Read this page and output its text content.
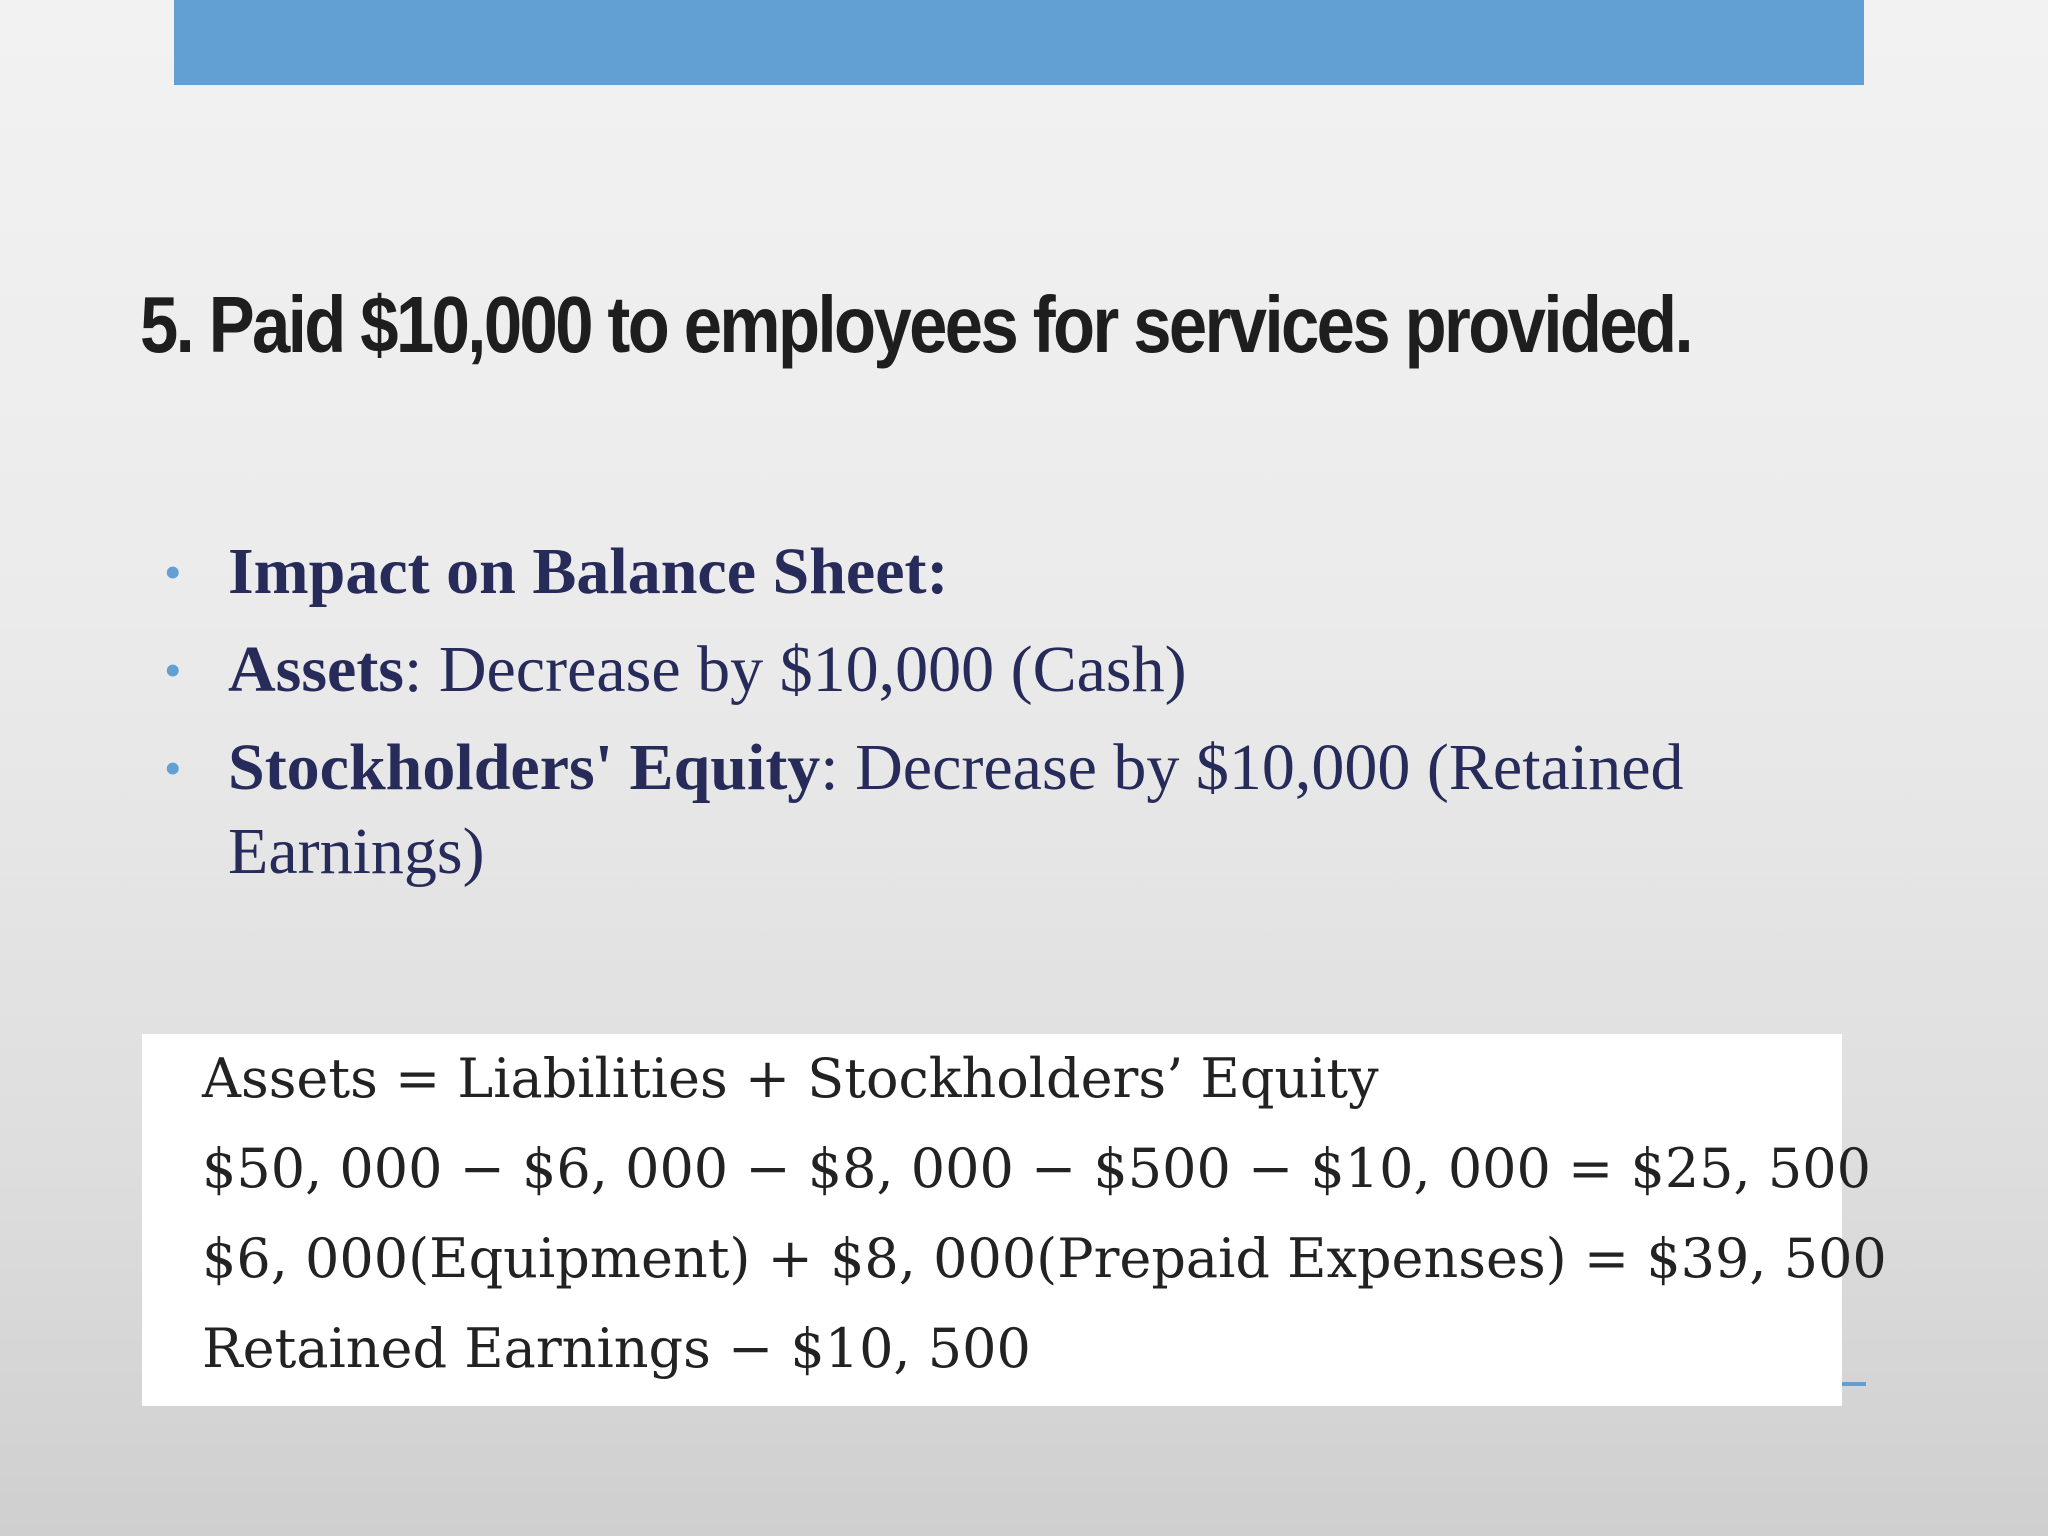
5. Paid $10,000 to employees for services provided.
• Impact on Balance Sheet:
• Assets: Decrease by $10,000 (Cash)
• Stockholders' Equity: Decrease by $10,000 (Retained Earnings)
Assets = Liabilities + Stockholders’ Equity
$50, 000 − $6, 000 − $8, 000 − $500 − $10, 000 = $25, 500
$6, 000(Equipment) + $8, 000(Prepaid Expenses) = $39, 500
Retained Earnings − $10, 500
